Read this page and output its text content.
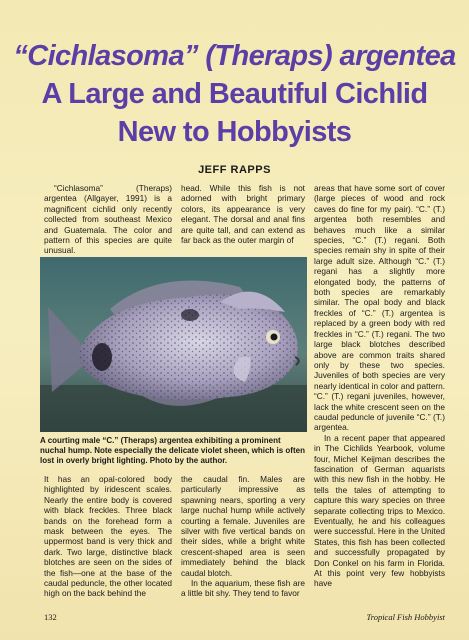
“Cichlasoma” (Theraps) argentea
A Large and Beautiful Cichlid
New to Hobbyists
JEFF RAPPS

“Cichlasoma” (Theraps) argentea (Allgayer, 1991) is a magnificent cichlid only recently collected from southeast Mexico and Guatemala. The color and pattern of this species are quite unusual.

head. While this fish is not adorned with bright primary colors, its appearance is very elegant. The dorsal and anal fins are quite tall, and can extend as far back as the outer margin of

A courting male “C.” (Theraps) argentea exhibiting a prominent nuchal hump. Note especially the delicate violet sheen, which is often lost in overly bright lighting. Photo by the author.

It has an opal-colored body highlighted by iridescent scales. Nearly the entire body is covered with black freckles. Three black bands on the forehead form a mask between the eyes. The uppermost band is very thick and dark. Two large, distinctive black blotches are seen on the sides of the fish—one at the base of the caudal peduncle, the other located high on the back behind the

the caudal fin. Males are particularly impressive as spawning nears, sporting a very large nuchal hump while actively courting a female. Juveniles are silver with five vertical bands on their sides, while a bright white crescent-shaped area is seen immediately behind the black caudal blotch.

In the aquarium, these fish are a little bit shy. They tend to favor

areas that have some sort of cover (large pieces of wood and rock caves do fine for my pair). “C.” (T.) argentea both resembles and behaves much like a similar species, “C.” (T.) regani. Both species remain shy in spite of their large adult size. Although “C.” (T.) regani has a slightly more elongated body, the patterns of both species are remarkably similar. The opal body and black freckles of “C.” (T.) argentea is replaced by a green body with red freckles in “C.” (T.) regani. The two large black blotches described above are common traits shared only by these two species. Juveniles of both species are very nearly identical in color and pattern. “C.” (T.) regani juveniles, however, lack the white crescent seen on the caudal peduncle of juvenile “C.” (T.) argentea.

In a recent paper that appeared in The Cichlids Yearbook, volume four, Michel Keijman describes the fascination of German aquarists with this new fish in the hobby. He tells the tales of attempting to capture this wary species on three separate collecting trips to Mexico. Eventually, he and his colleagues were successful. Here in the United States, this fish has been collected and successfully propagated by Don Conkel on his farm in Florida. At this point very few hobbyists have

132	Tropical Fish Hobbyist
